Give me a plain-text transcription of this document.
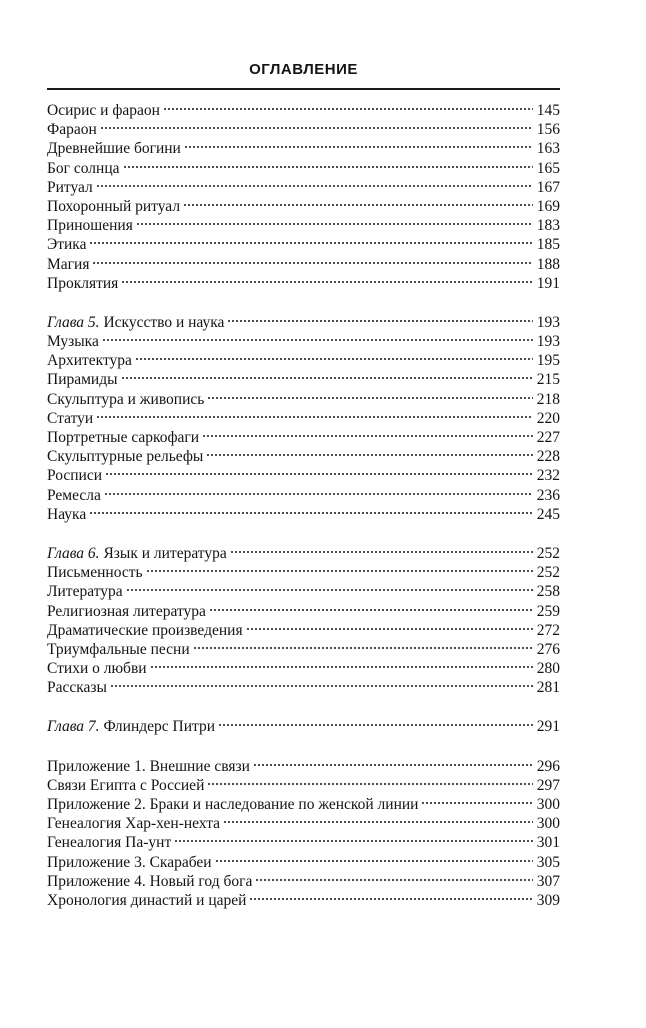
ОГЛАВЛЕНИЕ
Осирис и фараон	145
Фараон	156
Древнейшие богини	163
Бог солнца	165
Ритуал	167
Похоронный ритуал	169
Приношения	183
Этика	185
Магия	188
Проклятия	191
Глава 5. Искусство и наука	193
Музыка	193
Архитектура	195
Пирамиды	215
Скульптура и живопись	218
Статуи	220
Портретные саркофаги	227
Скульптурные рельефы	228
Росписи	232
Ремесла	236
Наука	245
Глава 6. Язык и литература	252
Письменность	252
Литература	258
Религиозная литература	259
Драматические произведения	272
Триумфальные песни	276
Стихи о любви	280
Рассказы	281
Глава 7. Флиндерс Питри	291
Приложение 1. Внешние связи	296
Связи Египта с Россией	297
Приложение 2. Браки и наследование по женской линии	300
Генеалогия Хар-хен-нехта	300
Генеалогия Па-унт	301
Приложение 3. Скарабеи	305
Приложение 4. Новый год бога	307
Хронология династий и царей	309
